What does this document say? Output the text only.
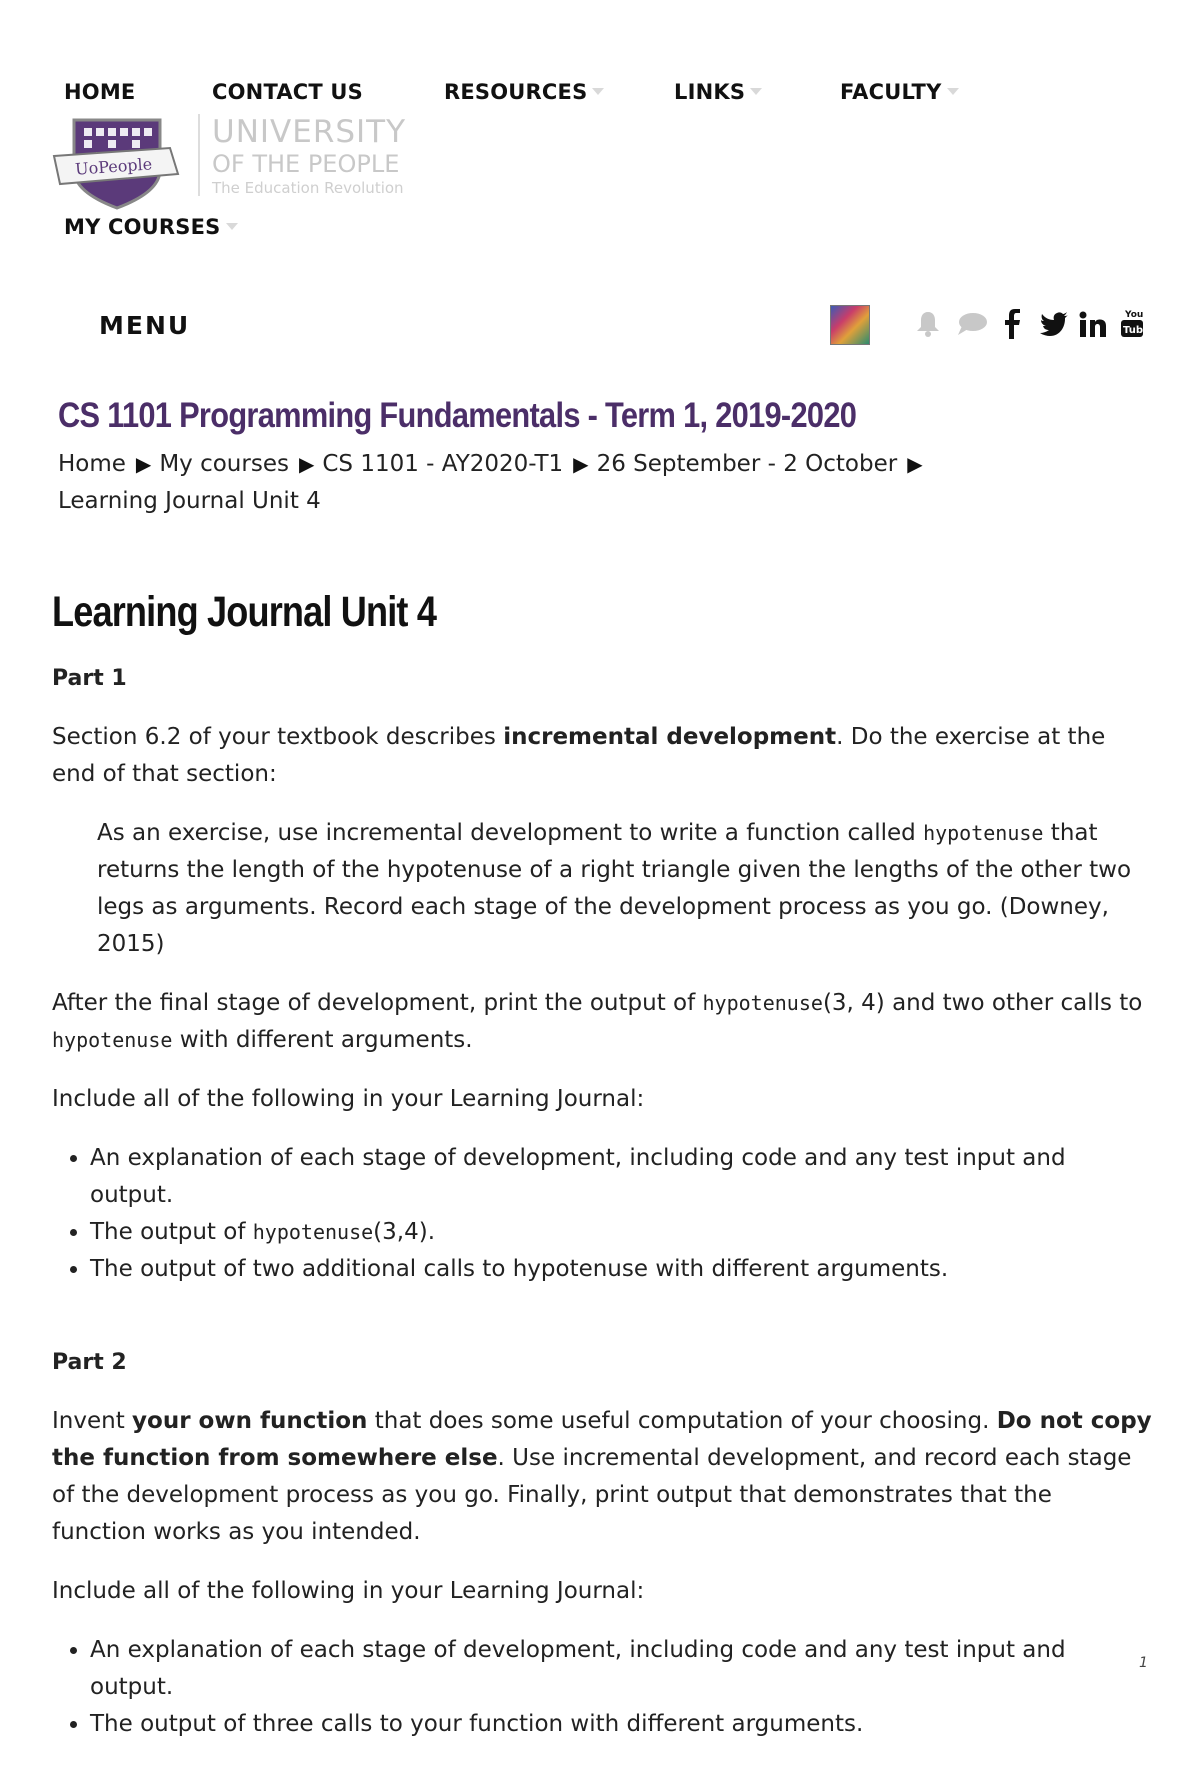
HOME	CONTACT US	RESOURCES	LINKS	FACULTY
UoPeople
UNIVERSITY
OF THE PEOPLE
The Education Revolution
MY COURSES
MENU	You
Tube
CS 1101 Programming Fundamentals - Term 1, 2019-2020
Home ▶ My courses ▶ CS 1101 - AY2020-T1 ▶ 26 September - 2 October ▶
Learning Journal Unit 4
Learning Journal Unit 4
Part 1

Section 6.2 of your textbook describes incremental development. Do the exercise at the end of that section:

As an exercise, use incremental development to write a function called hypotenuse that returns the length of the hypotenuse of a right triangle given the lengths of the other two legs as arguments. Record each stage of the development process as you go. (Downey, 2015)

After the final stage of development, print the output of hypotenuse(3, 4) and two other calls to
hypotenuse with different arguments.

Include all of the following in your Learning Journal:

• An explanation of each stage of development, including code and any test input and output.
• The output of hypotenuse(3,4).
• The output of two additional calls to hypotenuse with different arguments.
Part 2

Invent your own function that does some useful computation of your choosing. Do not copy the function from somewhere else. Use incremental development, and record each stage of the development process as you go. Finally, print output that demonstrates that the function works as you intended.

Include all of the following in your Learning Journal:

• An explanation of each stage of development, including code and any test input and output.
• The output of three calls to your function with different arguments.
1
